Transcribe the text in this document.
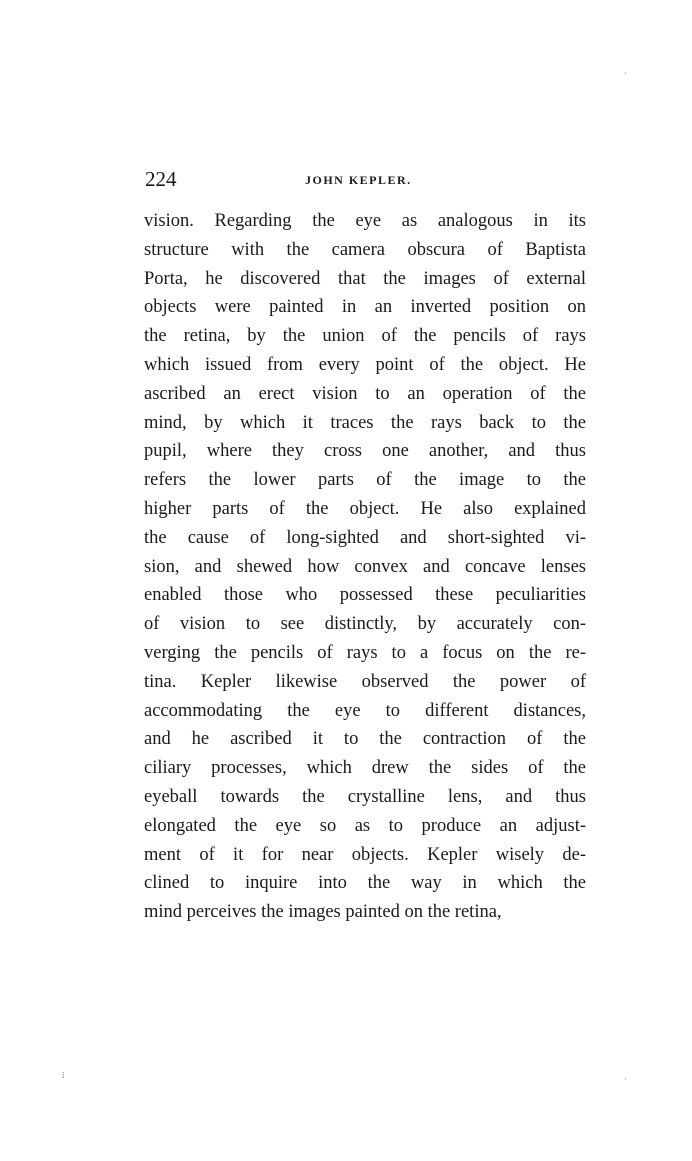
224	JOHN KEPLER.
vision. Regarding the eye as analogous in its
structure with the camera obscura of Baptista
Porta, he discovered that the images of external
objects were painted in an inverted position on
the retina, by the union of the pencils of rays
which issued from every point of the object. He
ascribed an erect vision to an operation of the
mind, by which it traces the rays back to the
pupil, where they cross one another, and thus
refers the lower parts of the image to the
higher parts of the object. He also explained
the cause of long-sighted and short-sighted vi-
sion, and shewed how convex and concave lenses
enabled those who possessed these peculiarities
of vision to see distinctly, by accurately con-
verging the pencils of rays to a focus on the re-
tina. Kepler likewise observed the power of
accommodating the eye to different distances,
and he ascribed it to the contraction of the
ciliary processes, which drew the sides of the
eyeball towards the crystalline lens, and thus
elongated the eye so as to produce an adjust-
ment of it for near objects. Kepler wisely de-
clined to inquire into the way in which the
mind perceives the images painted on the retina,
·
⁞	·
